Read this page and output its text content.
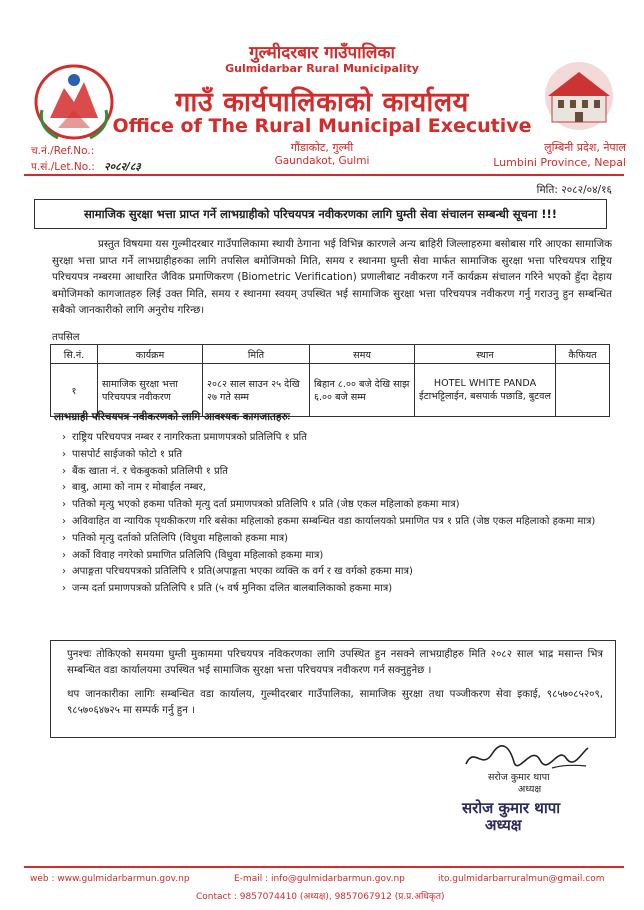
गुल्मीदरबार गाउँपालिका
Gulmidarbar Rural Municipality
गाउँ कार्यपालिकाको कार्यालय
Office of The Rural Municipal Executive
गौंडाकोट, गुल्मी
Gaundakot, Gulmi
लुम्बिनी प्रदेश, नेपाल
Lumbini Province, Nepal
च.नं./Ref.No.:
प.सं./Let.No.: २०८२/८३
मिति: २०८२/०४/१६
सामाजिक सुरक्षा भत्ता प्राप्त गर्ने लाभग्राहीको परिचयपत्र नवीकरणका लागि घुम्ती सेवा संचालन सम्बन्धी सूचना !!!
प्रस्तुत विषयमा यस गुल्मीदरबार गाउँपालिकामा स्थायी ठेगाना भई विभिन्न कारणले अन्य बाहिरी जिल्लाहरुमा बसोबास गरि आएका सामाजिक सुरक्षा भत्ता प्राप्त गर्ने लाभग्राहीहरुका लागि तपसिल बमोजिमको मिति, समय र स्थानमा घुम्ती सेवा मार्फत सामाजिक सुरक्षा भत्ता परिचयपत्र राष्ट्रिय परिचयपत्र नम्बरमा आधारित जैविक प्रमाणिकरण (Biometric Verification) प्रणालीबाट नवीकरण गर्ने कार्यक्रम संचालन गरिने भएको हुँदा देहाय बमोजिमको कागजातहरु लिई उक्त मिति, समय र स्थानमा स्वयम् उपस्थित भई सामाजिक सुरक्षा भत्ता परिचयपत्र नवीकरण गर्नु गराउनु हुन सम्बन्धित सबैको जानकारीको लागि अनुरोध गरिन्छ।
तपसिल
सि.नं.	कार्यक्रम	मिति	समय	स्थान	कैफियत
१	सामाजिक सुरक्षा भत्ता परिचयपत्र नवीकरण	२०८२ साल साउन २५ देखि २७ गते सम्म	बिहान ८.०० बजे देखि साझ ६.०० बजे सम्म	HOTEL WHITE PANDA ईटाभट्टिलाईन, बसपार्क पछाडि, बुटवल	
लाभग्राही परिचयपत्र नवीकरणको लागि आवश्यक कागजातहरुः
› राष्ट्रिय परिचयपत्र नम्बर र नागरिकता प्रमाणपत्रको प्रतिलिपि १ प्रति
› पासपोर्ट साईजको फोटो १ प्रति
› बैंक खाता नं. र चेकबुकको प्रतिलिपी १ प्रति
› बाबु, आमा को नाम र मोबाईल नम्बर,
› पतिको मृत्यु भएको हकमा पतिको मृत्यु दर्ता प्रमाणपत्रको प्रतिलिपि १ प्रति (जेष्ठ एकल महिलाको हकमा मात्र)
› अविवाहित वा न्यायिक पृथकीकरण गरि बसेका महिलाको हकमा सम्बन्धित वडा कार्यालयको प्रमाणित पत्र १ प्रति (जेष्ठ एकल महिलाको हकमा मात्र)
› पतिको मृत्यु दर्ताको प्रतिलिपि (विधुवा महिलाको हकमा मात्र)
› अर्को विवाह नगरेको प्रमाणित प्रतिलिपि (विधुवा महिलाको हकमा मात्र)
› अपाङ्गता परिचयपत्रको प्रतिलिपि १ प्रति(अपाङ्गता भएका व्यक्ति क वर्ग र ख वर्गको हकमा मात्र)
› जन्म दर्ता प्रमाणपत्रको प्रतिलिपि १ प्रति (५ वर्ष मुनिका दलित बालबालिकाको हकमा मात्र)
पुनश्चः तोकिएको समयमा घुम्ती मुकाममा परिचयपत्र नविकरणका लागि उपस्थित हुन नसक्ने लाभग्राहीहरु मिति २०८२ साल भाद्र मसान्त भित्र सम्बन्धित वडा कार्यालयमा उपस्थित भई सामाजिक सुरक्षा भत्ता परिचयपत्र नवीकरण गर्न सक्नुहुनेछ ।
थप जानकारीका लागिः सम्बन्धित वडा कार्यालय, गुल्मीदरबार गाउँपालिका, सामाजिक सुरक्षा तथा पञ्जीकरण सेवा इकाई, ९८५७०८५२०९, ९८५७०६४७२५ मा सम्पर्क गर्नु हुन ।
सरोज कुमार थापा
अध्यक्ष
सरोज कुमार थापा
अध्यक्ष
web : www.gulmidarbarmun.gov.np	E-mail : info@gulmidarbarmun.gov.np	ito.gulmidarbarruralmun@gmail.com
Contact : 9857074410 (अध्यक्ष), 9857067912 (प्र.प्र.अधिकृत)
